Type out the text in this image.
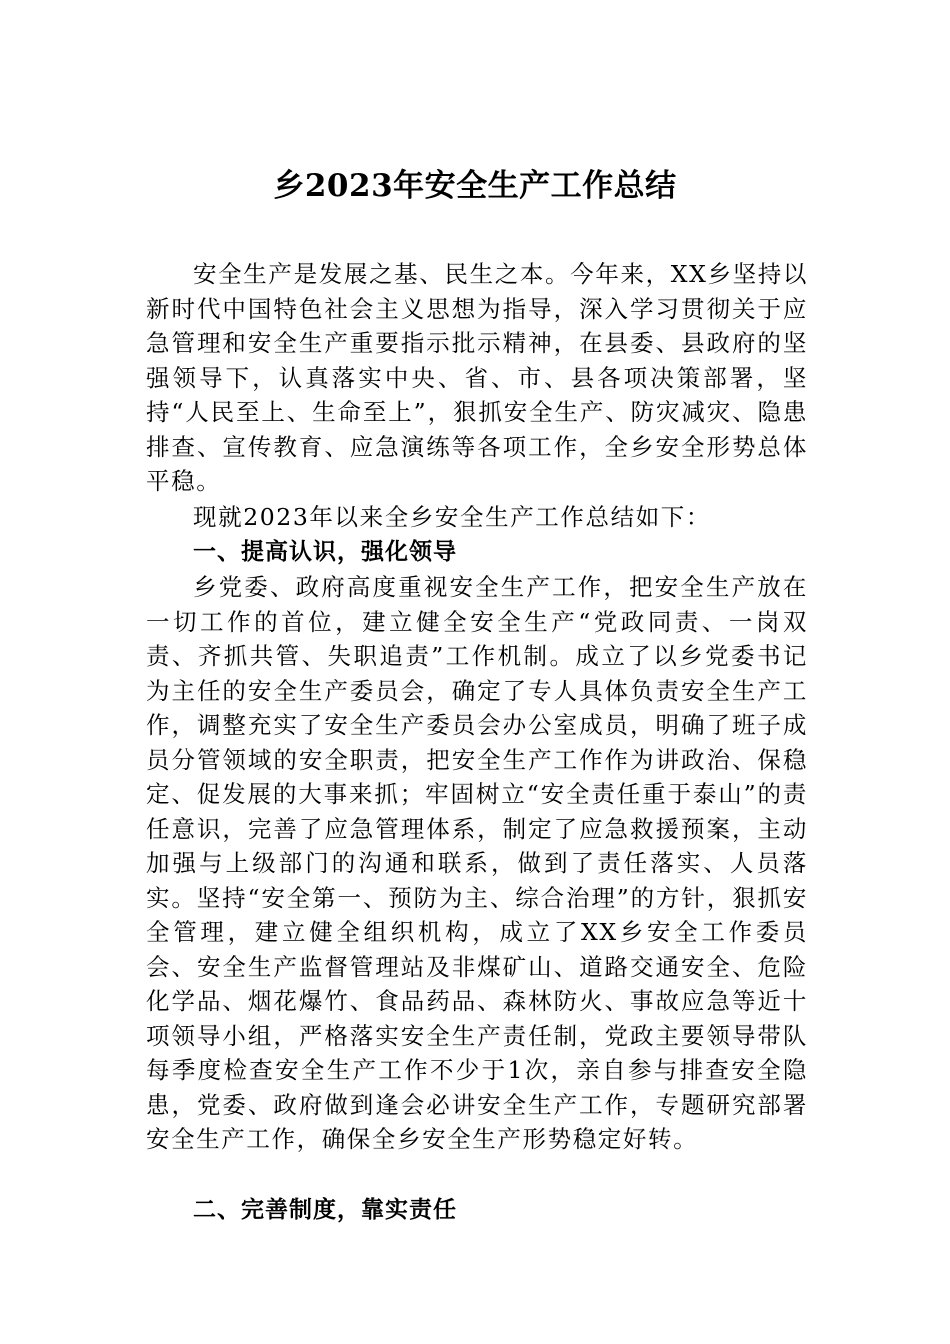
乡2023年安全生产工作总结

安全生产是发展之基、民生之本。今年来，XX乡坚持以新时代中国特色社会主义思想为指导，深入学习贯彻关于应急管理和安全生产重要指示批示精神，在县委、县政府的坚强领导下，认真落实中央、省、市、县各项决策部署，坚持“人民至上、生命至上”，狠抓安全生产、防灾减灾、隐患排查、宣传教育、应急演练等各项工作，全乡安全形势总体平稳。

现就2023年以来全乡安全生产工作总结如下：

一、提高认识，强化领导

乡党委、政府高度重视安全生产工作，把安全生产放在一切工作的首位，建立健全安全生产“党政同责、一岗双责、齐抓共管、失职追责”工作机制。成立了以乡党委书记为主任的安全生产委员会，确定了专人具体负责安全生产工作，调整充实了安全生产委员会办公室成员，明确了班子成员分管领域的安全职责，把安全生产工作作为讲政治、保稳定、促发展的大事来抓；牢固树立“安全责任重于泰山”的责任意识，完善了应急管理体系，制定了应急救援预案，主动加强与上级部门的沟通和联系，做到了责任落实、人员落实。坚持“安全第一、预防为主、综合治理”的方针，狠抓安全管理，建立健全组织机构，成立了XX乡安全工作委员会、安全生产监督管理站及非煤矿山、道路交通安全、危险化学品、烟花爆竹、食品药品、森林防火、事故应急等近十项领导小组，严格落实安全生产责任制，党政主要领导带队每季度检查安全生产工作不少于1次，亲自参与排查安全隐患，党委、政府做到逢会必讲安全生产工作，专题研究部署安全生产工作，确保全乡安全生产形势稳定好转。

二、完善制度，靠实责任
